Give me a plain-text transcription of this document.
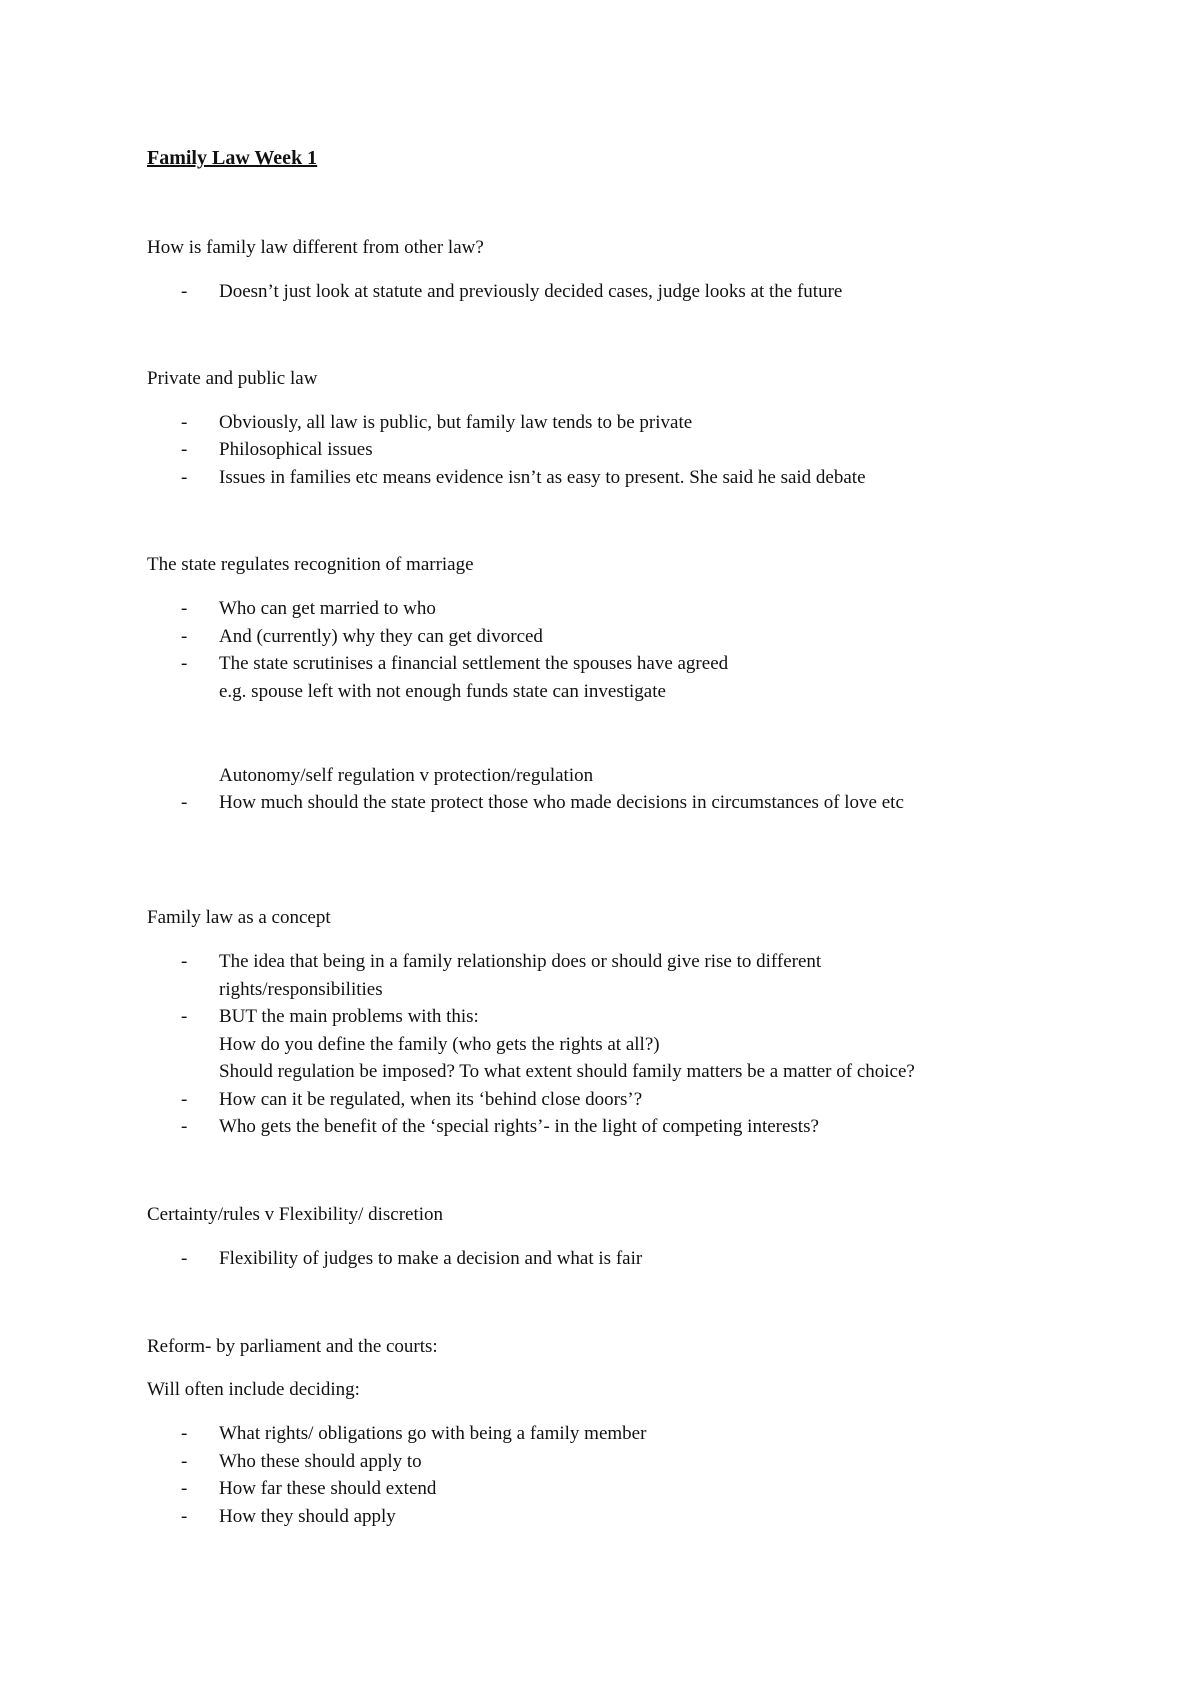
Family Law Week 1
How is family law different from other law?
- Doesn’t just look at statute and previously decided cases, judge looks at the future
Private and public law
- Obviously, all law is public, but family law tends to be private
- Philosophical issues
- Issues in families etc means evidence isn’t as easy to present. She said he said debate
The state regulates recognition of marriage
- Who can get married to who
- And (currently) why they can get divorced
- The state scrutinises a financial settlement the spouses have agreed
e.g. spouse left with not enough funds state can investigate
Autonomy/self regulation v protection/regulation
- How much should the state protect those who made decisions in circumstances of love etc
Family law as a concept
- The idea that being in a family relationship does or should give rise to different
rights/responsibilities
- BUT the main problems with this:
How do you define the family (who gets the rights at all?)
Should regulation be imposed? To what extent should family matters be a matter of choice?
- How can it be regulated, when its ‘behind close doors’?
- Who gets the benefit of the ‘special rights’- in the light of competing interests?
Certainty/rules v Flexibility/ discretion
- Flexibility of judges to make a decision and what is fair
Reform- by parliament and the courts:
Will often include deciding:
- What rights/ obligations go with being a family member
- Who these should apply to
- How far these should extend
- How they should apply
